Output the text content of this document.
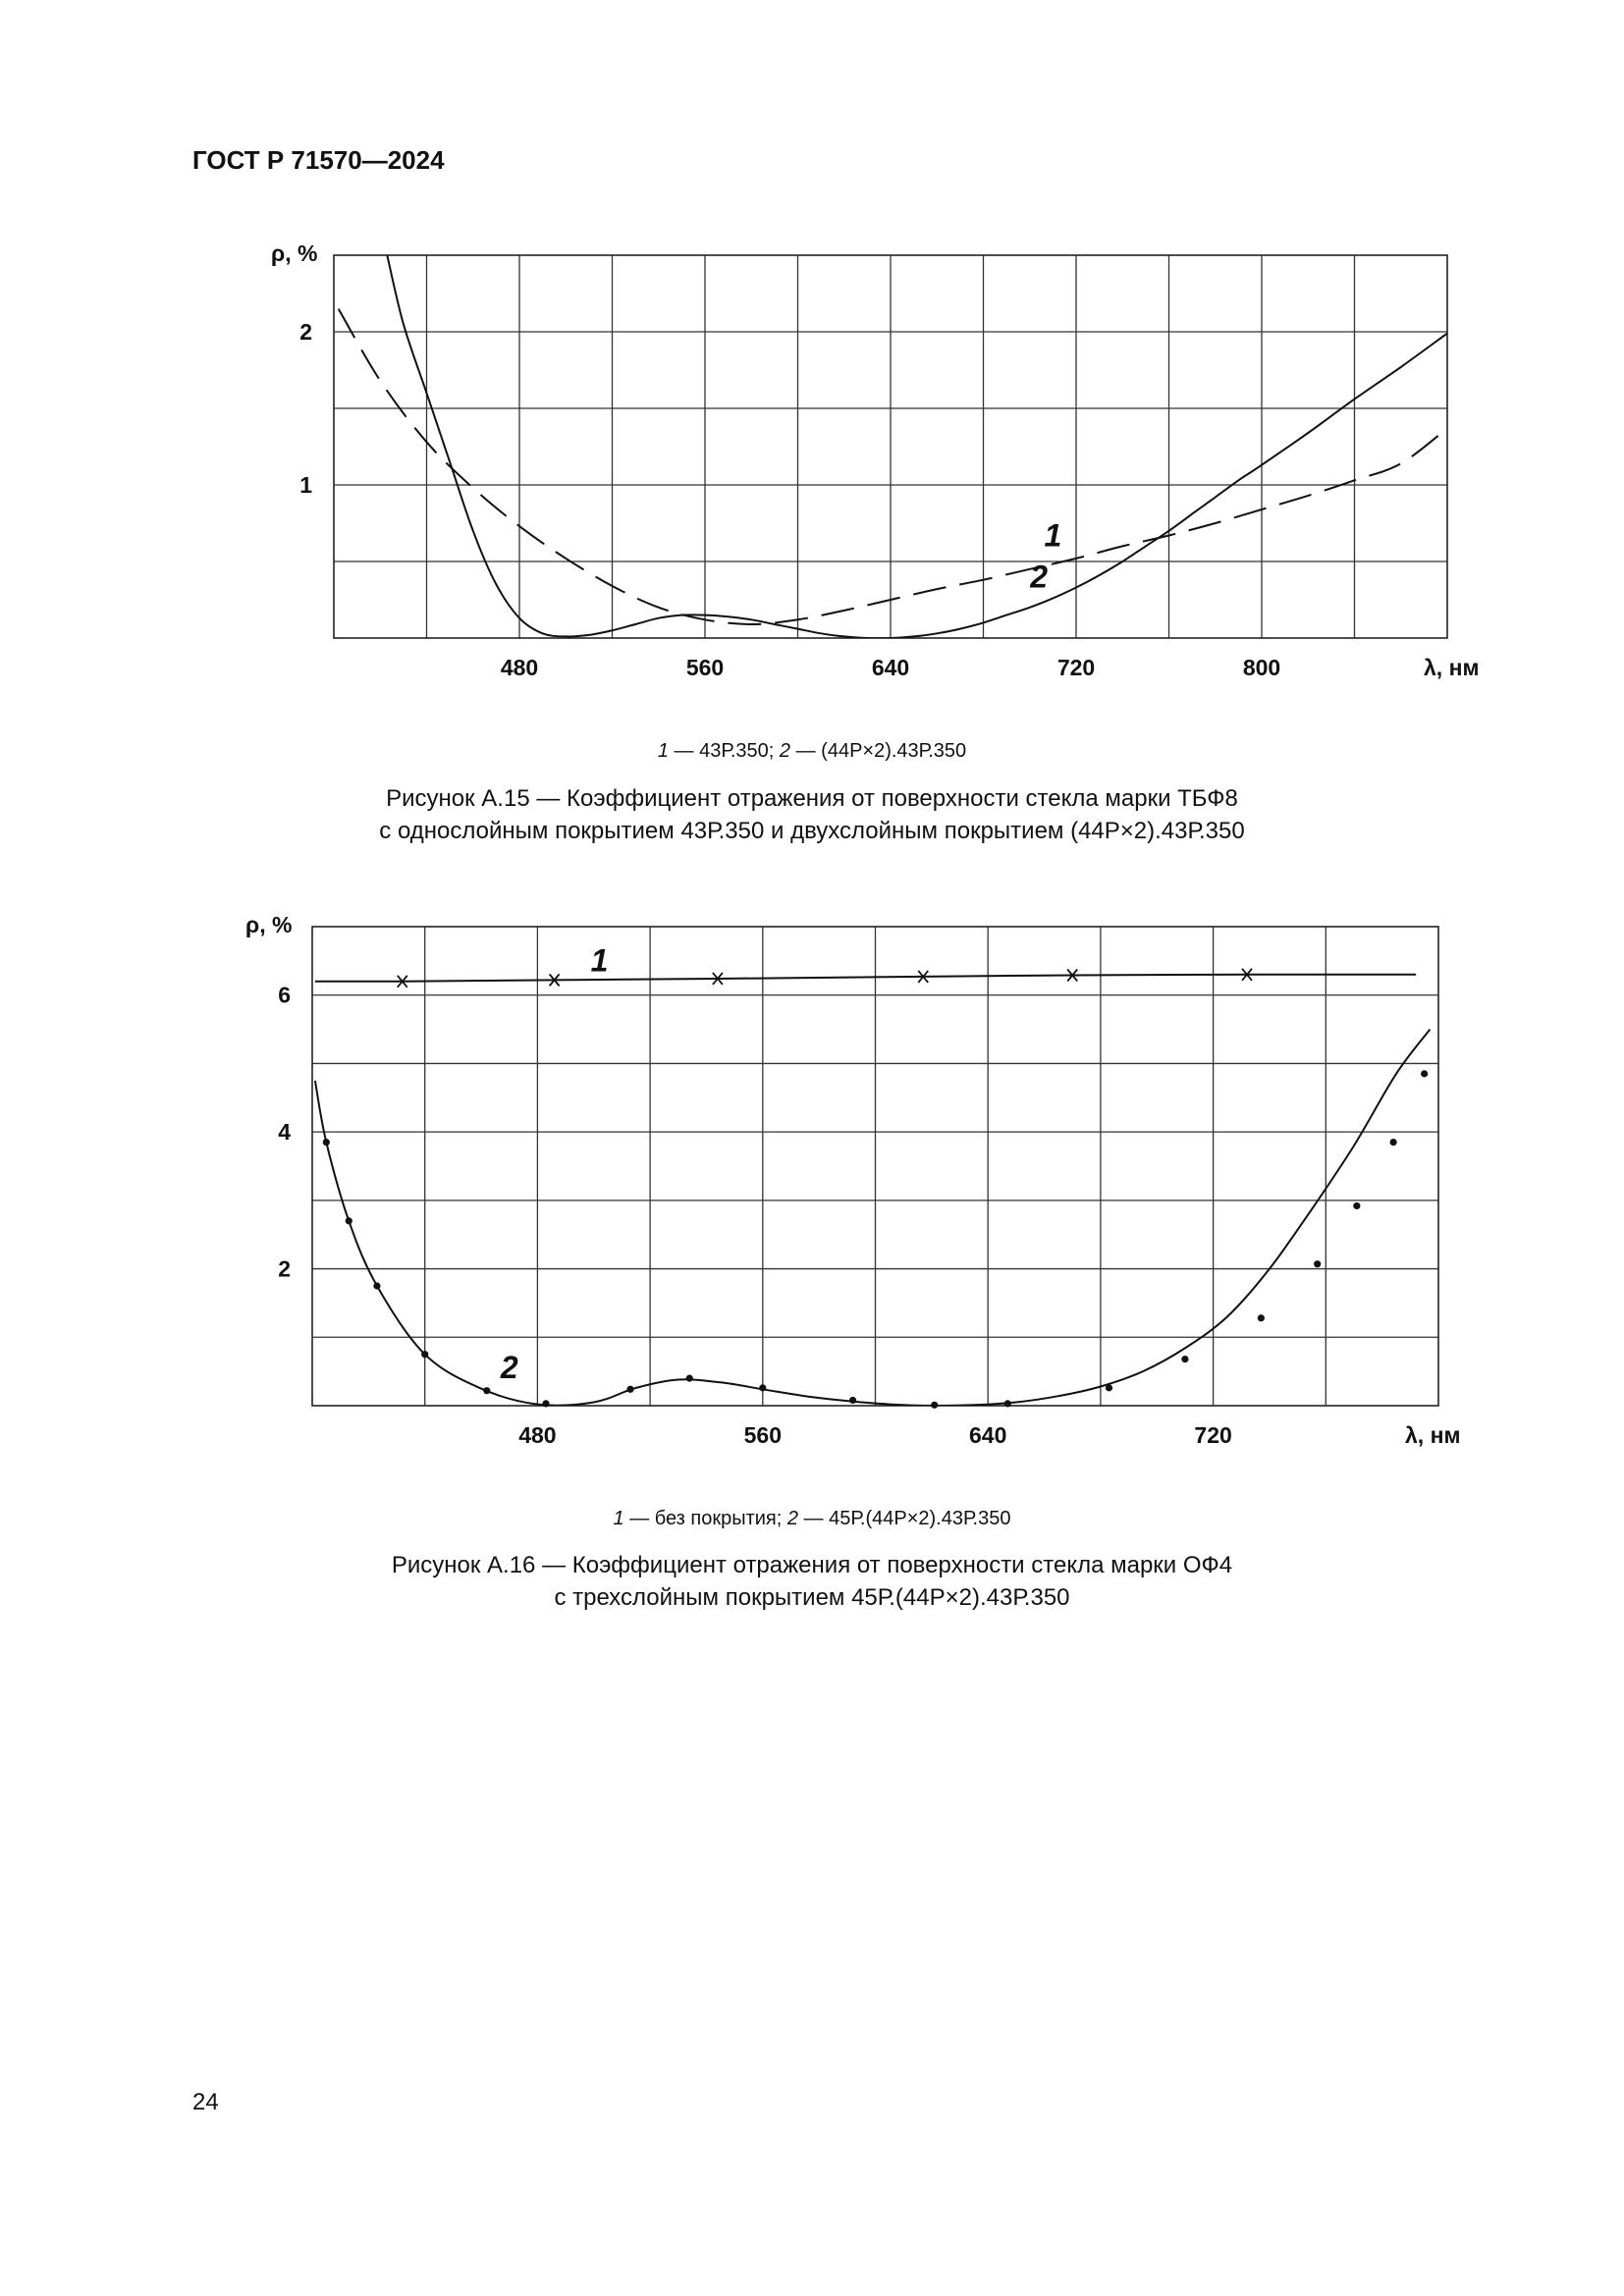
ГОСТ Р 71570—2024
480	560	640	720	800
1
2
ρ, %
λ, нм
1
2
1 — 43Р.350; 2 — (44Р×2).43Р.350
Рисунок А.15 — Коэффициент отражения от поверхности стекла марки ТБФ8
с однослойным покрытием 43Р.350 и двухслойным покрытием (44Р×2).43Р.350
480	560	640	720
2
4
6
ρ, %
λ, нм
1
2
1 — без покрытия; 2 — 45Р.(44Р×2).43Р.350
Рисунок А.16 — Коэффициент отражения от поверхности стекла марки ОФ4
с трехслойным покрытием 45Р.(44Р×2).43Р.350
24
